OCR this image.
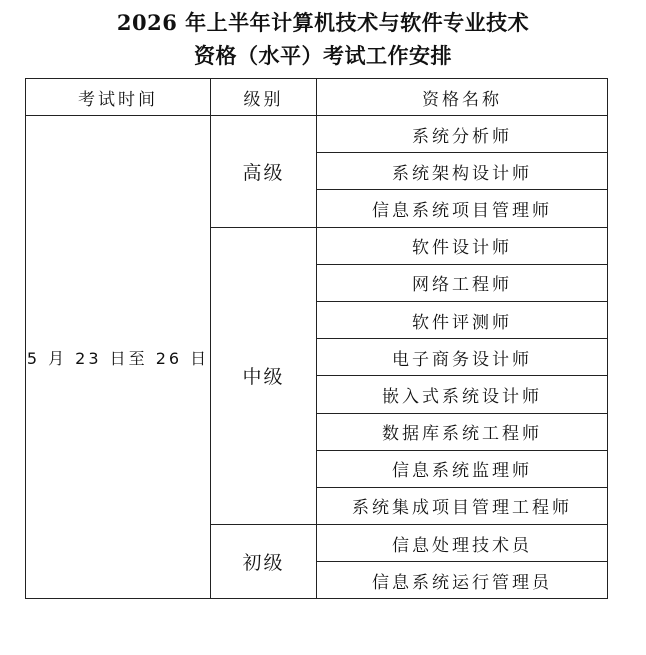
2026 年上半年计算机技术与软件专业技术
资格（水平）考试工作安排
考试时间	级别	资格名称
5 月 23 日至 26 日	高级	系统分析师
		系统架构设计师
		信息系统项目管理师
	中级	软件设计师
		网络工程师
		软件评测师
		电子商务设计师
		嵌入式系统设计师
		数据库系统工程师
		信息系统监理师
		系统集成项目管理工程师
	初级	信息处理技术员
		信息系统运行管理员
